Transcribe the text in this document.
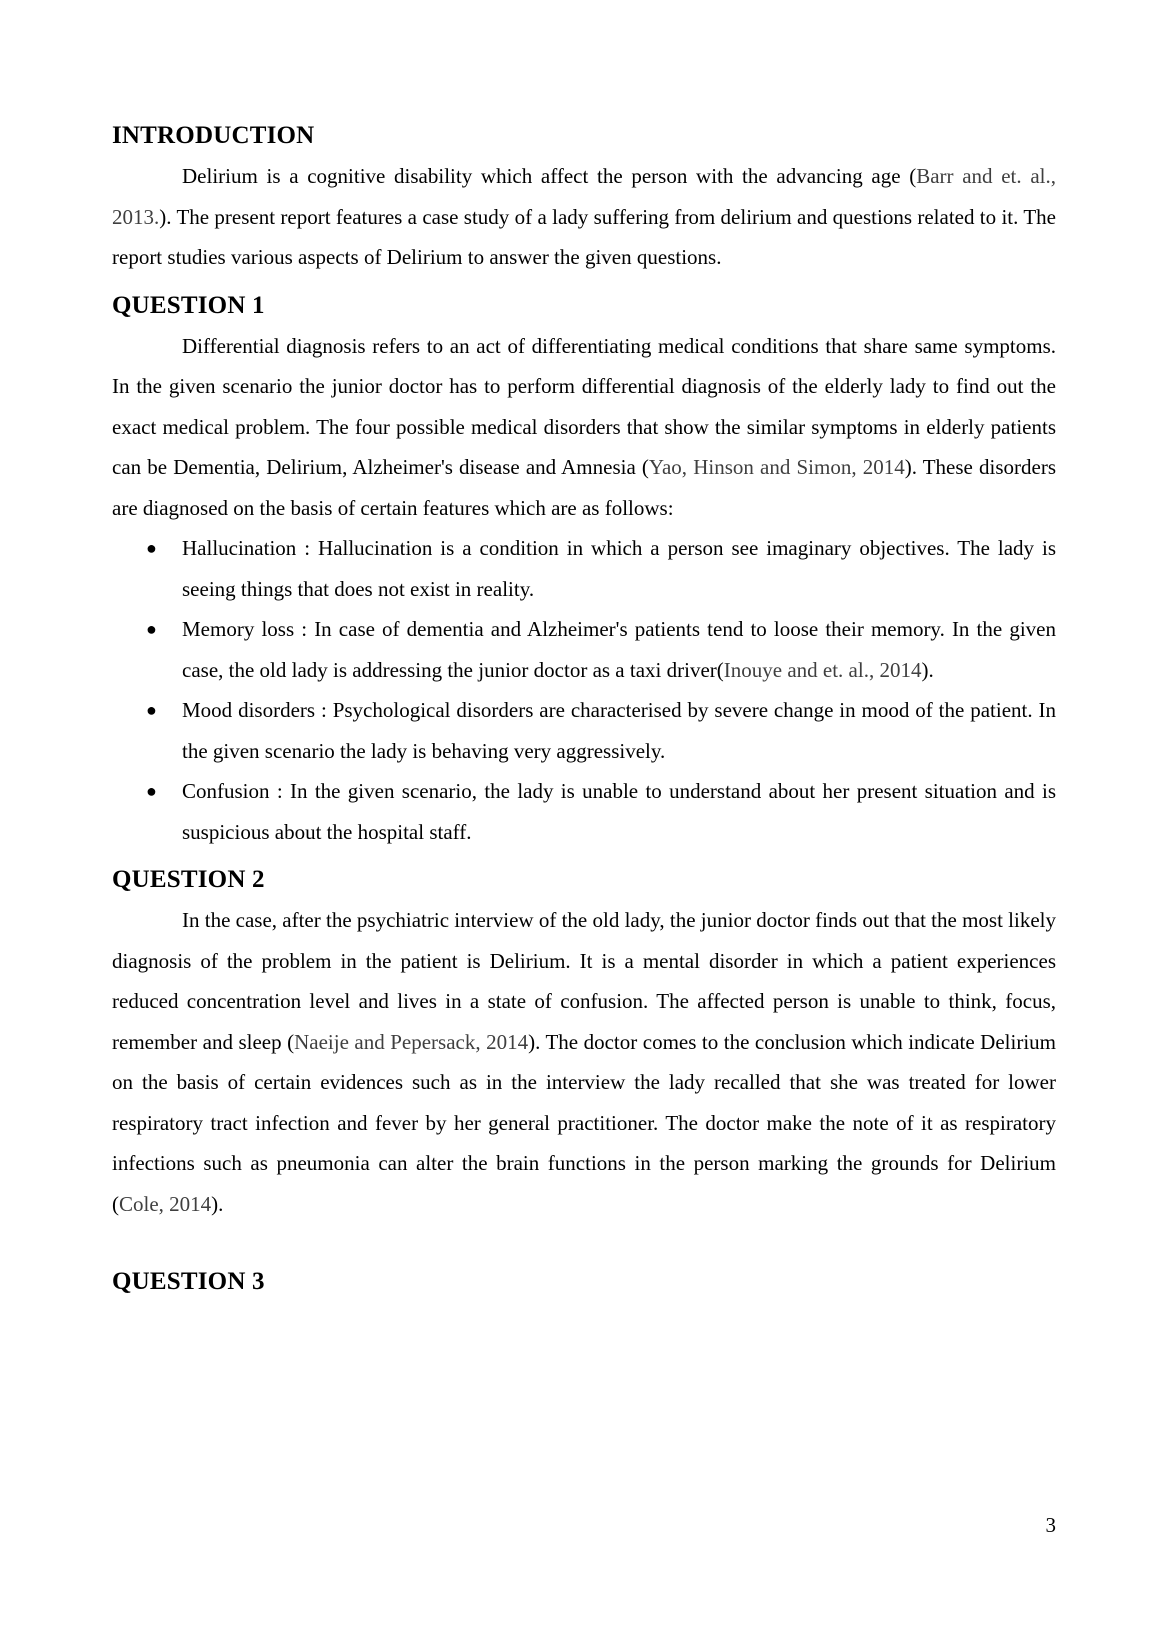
INTRODUCTION

Delirium is a cognitive disability which affect the person with the advancing age (Barr and et. al., 2013.). The present report features a case study of a lady suffering from delirium and questions related to it. The report studies various aspects of Delirium to answer the given questions.

QUESTION 1

Differential diagnosis refers to an act of differentiating medical conditions that share same symptoms. In the given scenario the junior doctor has to perform differential diagnosis of the elderly lady to find out the exact medical problem. The four possible medical disorders that show the similar symptoms in elderly patients can be Dementia, Delirium, Alzheimer's disease and Amnesia (Yao, Hinson and Simon, 2014). These disorders are diagnosed on the basis of certain features which are as follows:

● Hallucination : Hallucination is a condition in which a person see imaginary objectives. The lady is seeing things that does not exist in reality.
● Memory loss : In case of dementia and Alzheimer's patients tend to loose their memory. In the given case, the old lady is addressing the junior doctor as a taxi driver(Inouye and et. al., 2014).
● Mood disorders : Psychological disorders are characterised by severe change in mood of the patient. In the given scenario the lady is behaving very aggressively.
● Confusion : In the given scenario, the lady is unable to understand about her present situation and is suspicious about the hospital staff.
QUESTION 2

In the case, after the psychiatric interview of the old lady, the junior doctor finds out that the most likely diagnosis of the problem in the patient is Delirium. It is a mental disorder in which a patient experiences reduced concentration level and lives in a state of confusion. The affected person is unable to think, focus, remember and sleep (Naeije and Pepersack, 2014). The doctor comes to the conclusion which indicate Delirium on the basis of certain evidences such as in the interview the lady recalled that she was treated for lower respiratory tract infection and fever by her general practitioner. The doctor make the note of it as respiratory infections such as pneumonia can alter the brain functions in the person marking the grounds for Delirium (Cole, 2014).

QUESTION 3
3
